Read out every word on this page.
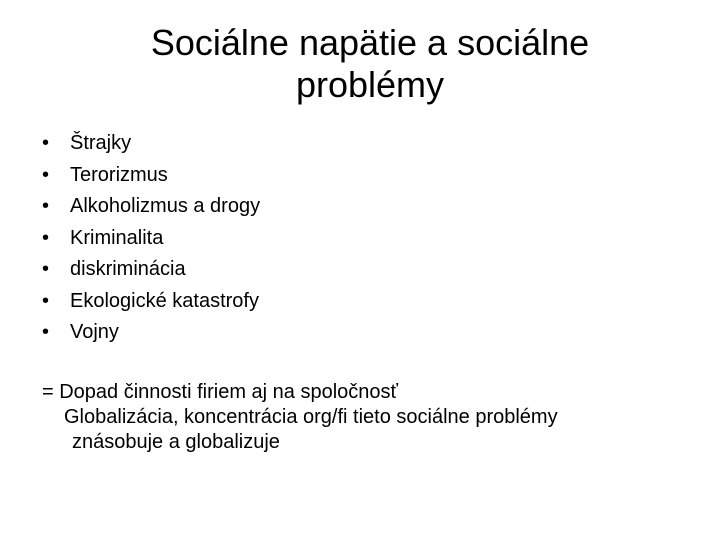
Sociálne napätie a sociálne
problémy
• Štrajky
• Terorizmus
• Alkoholizmus a drogy
• Kriminalita
• diskriminácia
• Ekologické katastrofy
• Vojny
= Dopad činnosti firiem aj na spoločnosť
Globalizácia, koncentrácia org/fi tieto sociálne problémy
znásobuje a globalizuje
